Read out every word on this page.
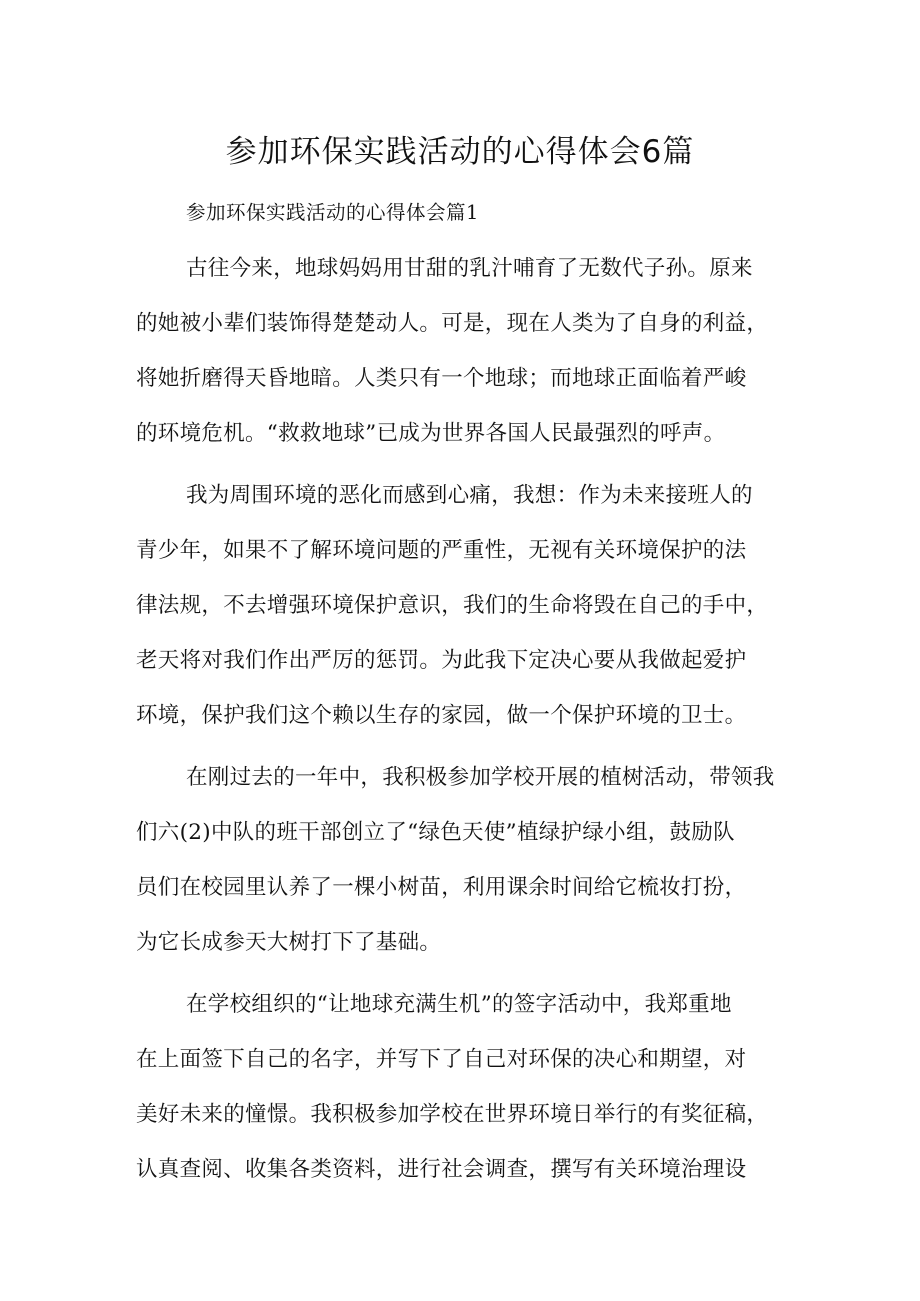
参加环保实践活动的心得体会6篇

参加环保实践活动的心得体会篇1

古往今来，地球妈妈用甘甜的乳汁哺育了无数代子孙。原来

的她被小辈们装饰得楚楚动人。可是，现在人类为了自身的利益，

将她折磨得天昏地暗。人类只有一个地球；而地球正面临着严峻

的环境危机。“救救地球”已成为世界各国人民最强烈的呼声。

我为周围环境的恶化而感到心痛，我想：作为未来接班人的

青少年，如果不了解环境问题的严重性，无视有关环境保护的法

律法规，不去增强环境保护意识，我们的生命将毁在自己的手中，

老天将对我们作出严厉的惩罚。为此我下定决心要从我做起爱护

环境，保护我们这个赖以生存的家园，做一个保护环境的卫士。

在刚过去的一年中，我积极参加学校开展的植树活动，带领我

们六(2)中队的班干部创立了“绿色天使”植绿护绿小组，鼓励队

员们在校园里认养了一棵小树苗，利用课余时间给它梳妆打扮，

为它长成参天大树打下了基础。

在学校组织的“让地球充满生机”的签字活动中，我郑重地

在上面签下自己的名字，并写下了自己对环保的决心和期望，对

美好未来的憧憬。我积极参加学校在世界环境日举行的有奖征稿，

认真查阅、收集各类资料，进行社会调查，撰写有关环境治理设
